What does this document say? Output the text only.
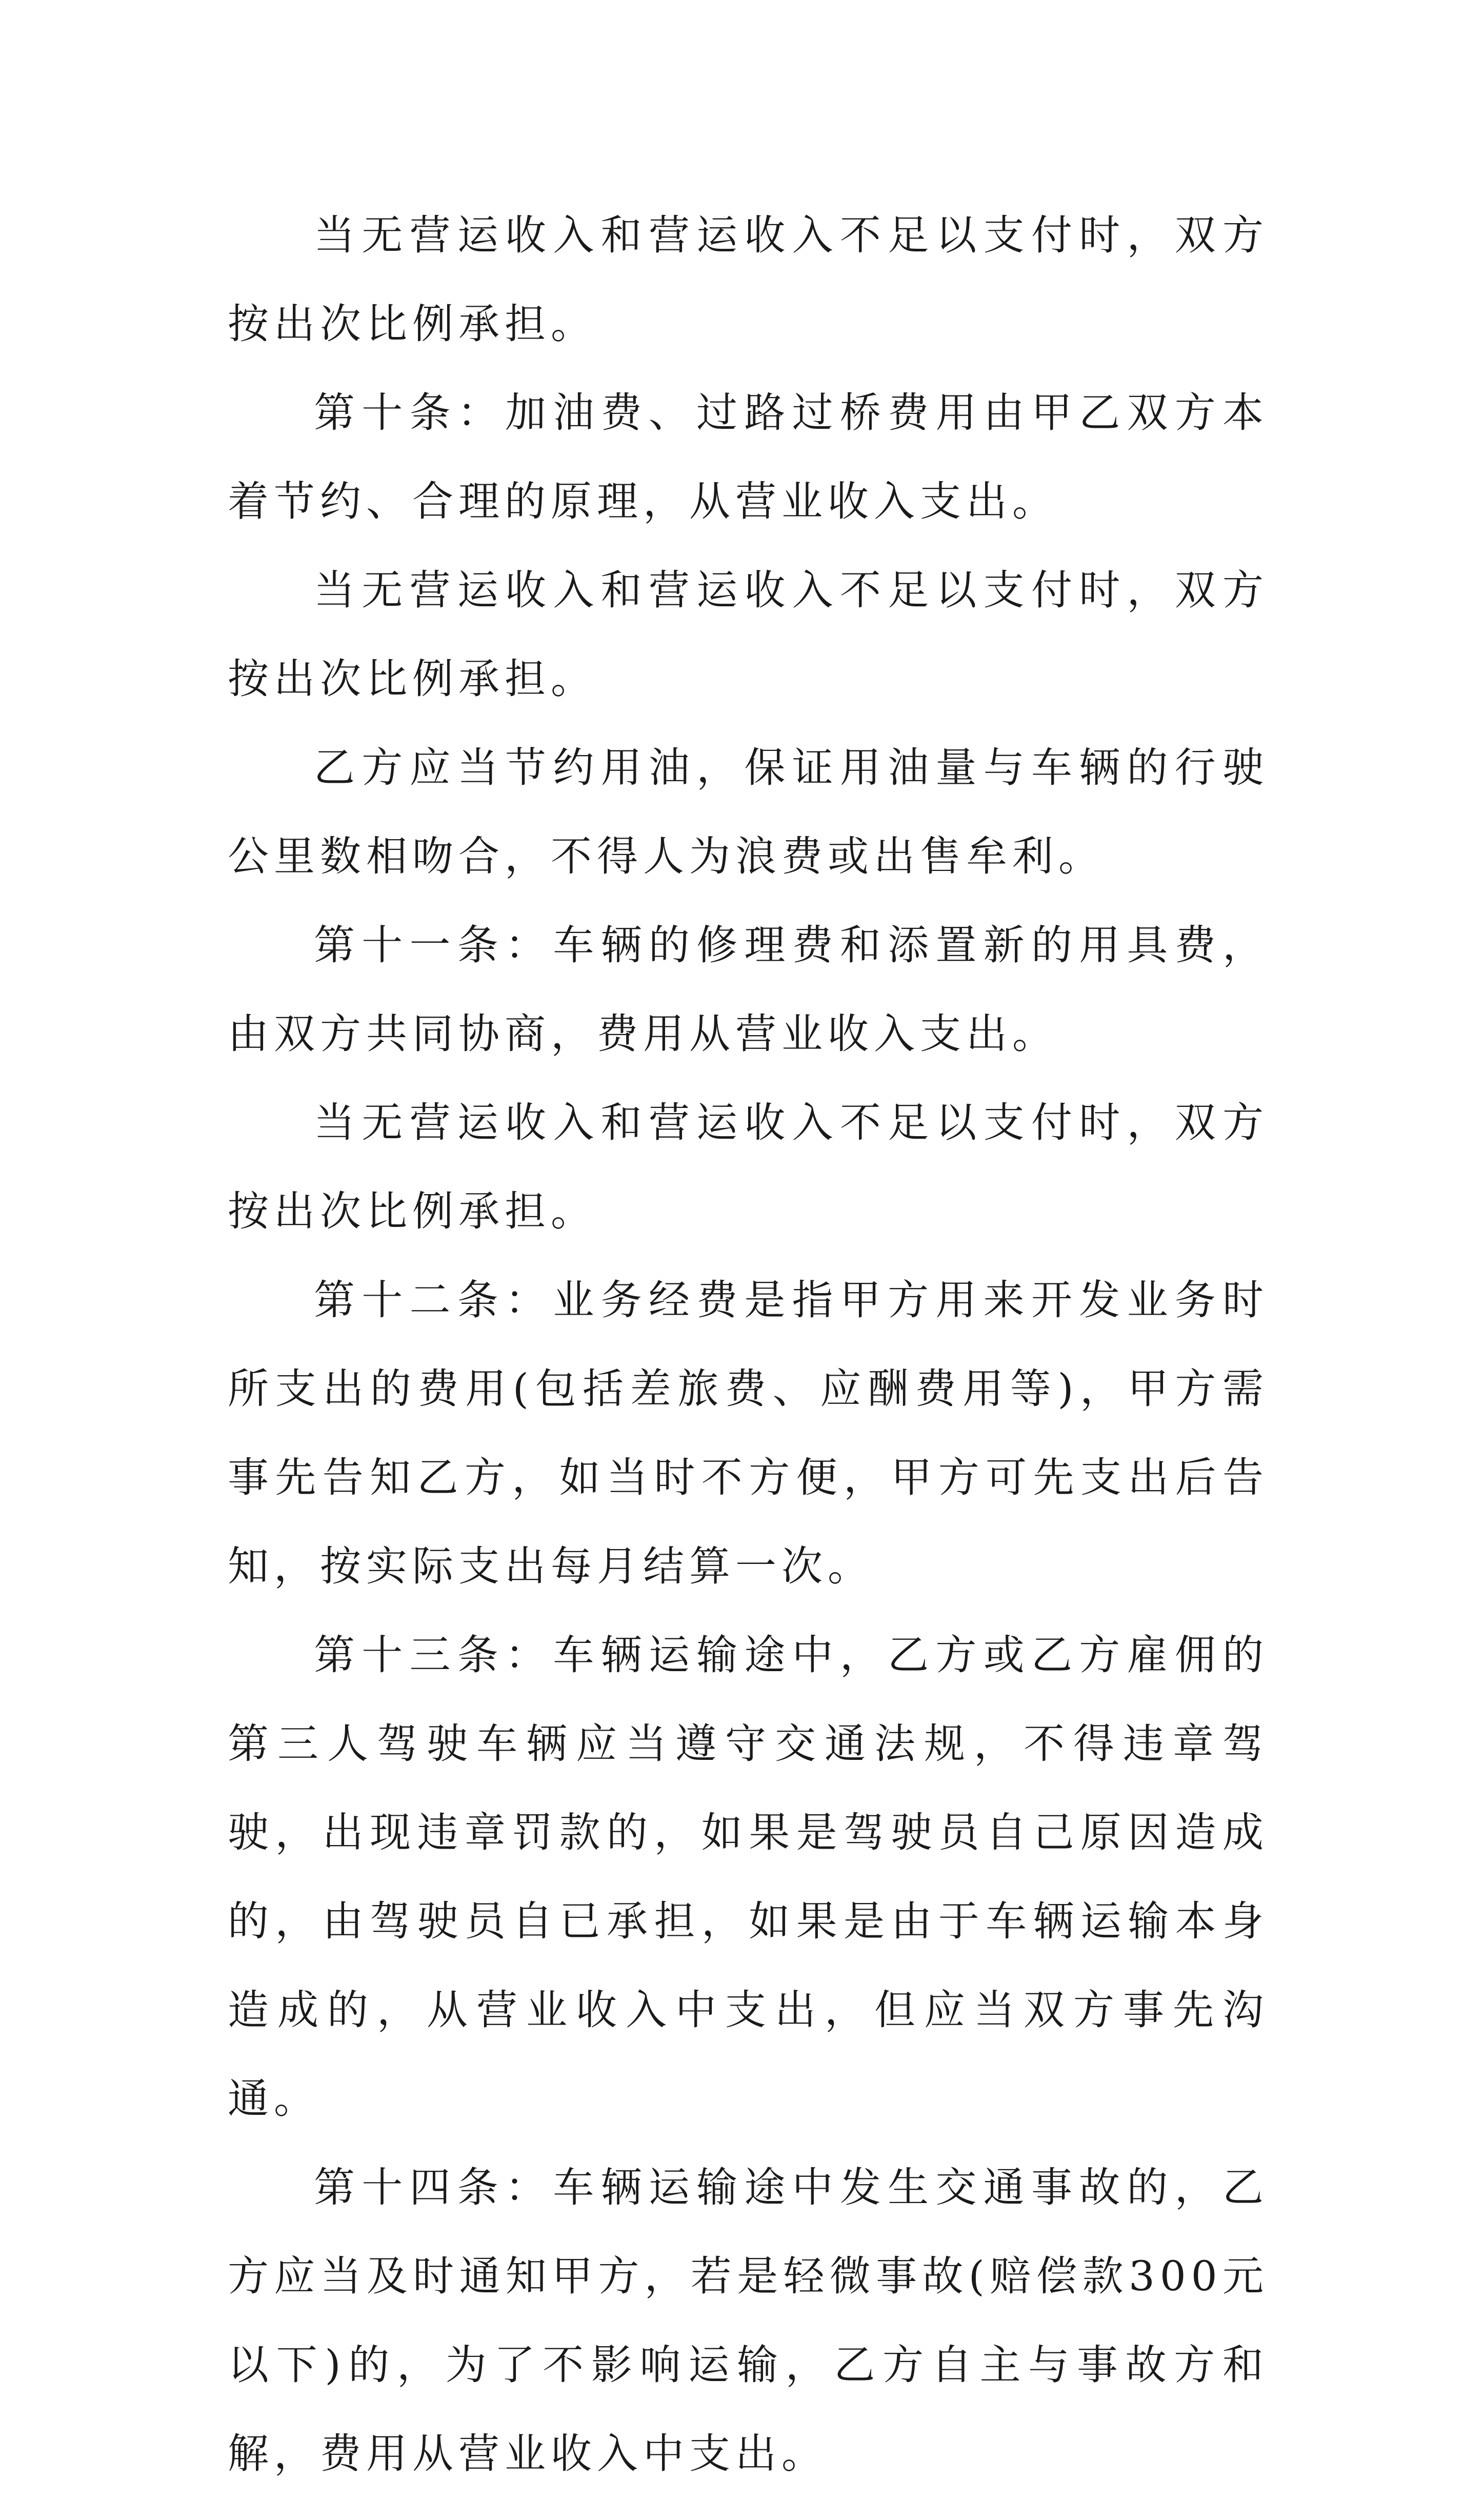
当无营运收入和营运收入不足以支付时，双方按出次比例承担。

第十条：加油费、过路过桥费用由甲乙双方本着节约、合理的原理，从营业收入支出。

当无营运收入和营运收入不足以支付时，双方按出次比例承担。

乙方应当节约用油，保证用油量与车辆的行驶公里数相吻合，不得人为浪费或出售牟利。

第十一条：车辆的修理费和添置新的用具费，由双方共同协商，费用从营业收入支出。

当无营运收入和营运收入不足以支付时，双方按出次比例承担。

第十二条：业务经费是指甲方用来开发业务时所支出的费用(包括差旅费、应酬费用等)，甲方需事先告知乙方，如当时不方便，甲方可先支出后告知，按实际支出每月结算一次。

第十三条：车辆运输途中，乙方或乙方雇佣的第三人驾驶车辆应当遵守交通法规，不得违章驾驶，出现违章罚款的，如果是驾驶员自己原因造成的，由驾驶员自已承担，如果是由于车辆运输本身造成的，从营业收入中支出，但应当双方事先沟通。

第十四条：车辆运输途中发生交通事故的，乙方应当及时通知甲方，若是轻微事故(赔偿款300元以下)的，为了不影响运输，乙方自主与事故方和解，费用从营业收入中支出。
